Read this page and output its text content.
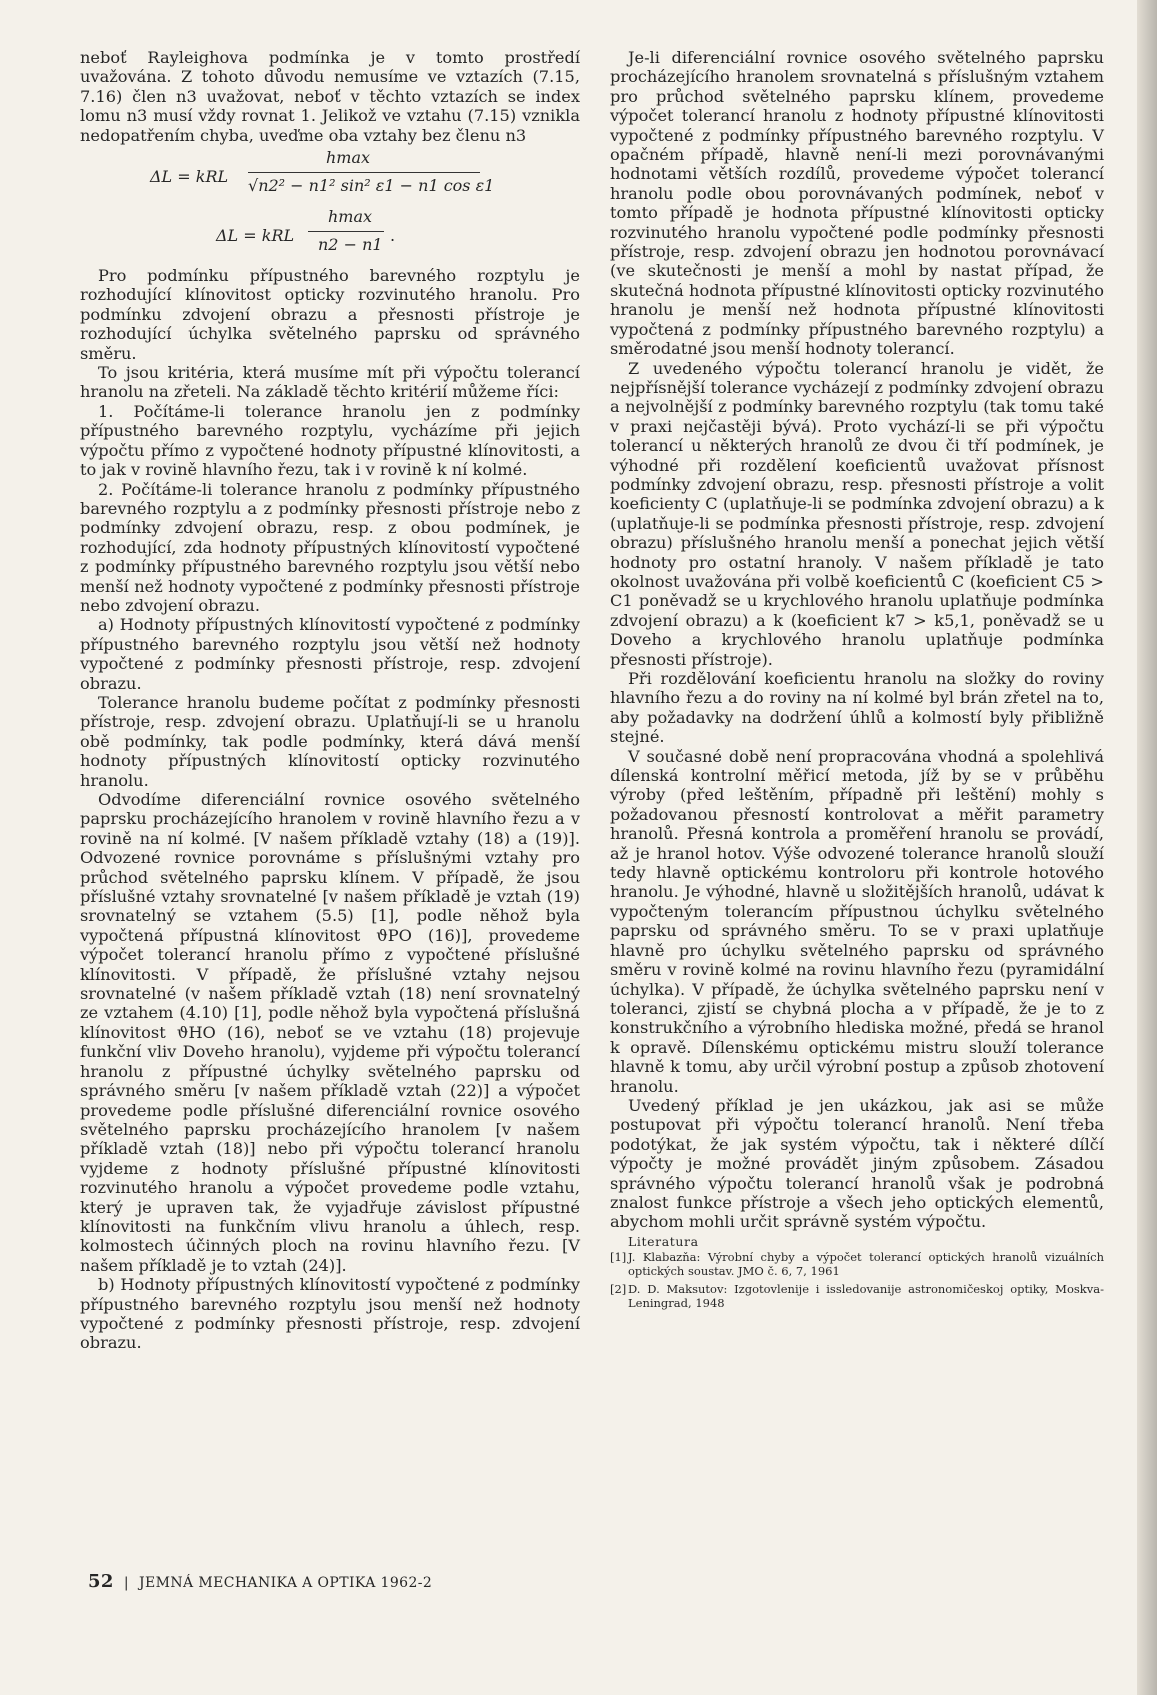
neboť Rayleighova podmínka je v tomto prostředí uvažována. Z tohoto důvodu nemusíme ve vztazích (7.15, 7.16) člen n3 uvažovat, neboť v těchto vztazích se index lomu n3 musí vždy rovnat 1. Jelikož ve vztahu (7.15) vznikla nedopatřením chyba, uveďme oba vztahy bez členu n3

ΔL = kRL
hmax
√n2² − n1² sin² ε1 − n1 cos ε1
ΔL = kRL
hmax
n2 − n1 .

Pro podmínku přípustného barevného rozptylu je rozhodující klínovitost opticky rozvinutého hranolu. Pro podmínku zdvojení obrazu a přesnosti přístroje je rozhodující úchylka světelného paprsku od správného směru.

To jsou kritéria, která musíme mít při výpočtu tolerancí hranolu na zřeteli. Na základě těchto kritérií můžeme říci:

1. Počítáme-li tolerance hranolu jen z podmínky přípustného barevného rozptylu, vycházíme při jejich výpočtu přímo z vypočtené hodnoty přípustné klínovitosti, a to jak v rovině hlavního řezu, tak i v rovině k ní kolmé.

2. Počítáme-li tolerance hranolu z podmínky přípustného barevného rozptylu a z podmínky přesnosti přístroje nebo z podmínky zdvojení obrazu, resp. z obou podmínek, je rozhodující, zda hodnoty přípustných klínovitostí vypočtené z podmínky přípustného barevného rozptylu jsou větší nebo menší než hodnoty vypočtené z podmínky přesnosti přístroje nebo zdvojení obrazu.

a) Hodnoty přípustných klínovitostí vypočtené z podmínky přípustného barevného rozptylu jsou větší než hodnoty vypočtené z podmínky přesnosti přístroje, resp. zdvojení obrazu.

Tolerance hranolu budeme počítat z podmínky přesnosti přístroje, resp. zdvojení obrazu. Uplatňují-li se u hranolu obě podmínky, tak podle podmínky, která dává menší hodnoty přípustných klínovitostí opticky rozvinutého hranolu.

Odvodíme diferenciální rovnice osového světelného paprsku procházejícího hranolem v rovině hlavního řezu a v rovině na ní kolmé. [V našem příkladě vztahy (18) a (19)]. Odvozené rovnice porovnáme s příslušnými vztahy pro průchod světelného paprsku klínem. V případě, že jsou příslušné vztahy srovnatelné [v našem příkladě je vztah (19) srovnatelný se vztahem (5.5) [1], podle něhož byla vypočtená přípustná klínovitost ϑPO (16)], provedeme výpočet tolerancí hranolu přímo z vypočtené příslušné klínovitosti. V případě, že příslušné vztahy nejsou srovnatelné (v našem příkladě vztah (18) není srovnatelný ze vztahem (4.10) [1], podle něhož byla vypočtená příslušná klínovitost ϑHO (16), neboť se ve vztahu (18) projevuje funkční vliv Doveho hranolu), vyjdeme při výpočtu tolerancí hranolu z přípustné úchylky světelného paprsku od správného směru [v našem příkladě vztah (22)] a výpočet provedeme podle příslušné diferenciální rovnice osového světelného paprsku procházejícího hranolem [v našem příkladě vztah (18)] nebo při výpočtu tolerancí hranolu vyjdeme z hodnoty příslušné přípustné klínovitosti rozvinutého hranolu a výpočet provedeme podle vztahu, který je upraven tak, že vyjadřuje závislost přípustné klínovitosti na funkčním vlivu hranolu a úhlech, resp. kolmostech účinných ploch na rovinu hlavního řezu. [V našem příkladě je to vztah (24)].

b) Hodnoty přípustných klínovitostí vypočtené z podmínky přípustného barevného rozptylu jsou menší než hodnoty vypočtené z podmínky přesnosti přístroje, resp. zdvojení obrazu.

Je-li diferenciální rovnice osového světelného paprsku procházejícího hranolem srovnatelná s příslušným vztahem pro průchod světelného paprsku klínem, provedeme výpočet tolerancí hranolu z hodnoty přípustné klínovitosti vypočtené z podmínky přípustného barevného rozptylu. V opačném případě, hlavně není-li mezi porovnávanými hodnotami větších rozdílů, provedeme výpočet tolerancí hranolu podle obou porovnávaných podmínek, neboť v tomto případě je hodnota přípustné klínovitosti opticky rozvinutého hranolu vypočtené podle podmínky přesnosti přístroje, resp. zdvojení obrazu jen hodnotou porovnávací (ve skutečnosti je menší a mohl by nastat případ, že skutečná hodnota přípustné klínovitosti opticky rozvinutého hranolu je menší než hodnota přípustné klínovitosti vypočtená z podmínky přípustného barevného rozptylu) a směrodatné jsou menší hodnoty tolerancí.

Z uvedeného výpočtu tolerancí hranolu je vidět, že nejpřísnější tolerance vycházejí z podmínky zdvojení obrazu a nejvolnější z podmínky barevného rozptylu (tak tomu také v praxi nejčastěji bývá). Proto vychází-li se při výpočtu tolerancí u některých hranolů ze dvou či tří podmínek, je výhodné při rozdělení koeficientů uvažovat přísnost podmínky zdvojení obrazu, resp. přesnosti přístroje a volit koeficienty C (uplatňuje-li se podmínka zdvojení obrazu) a k (uplatňuje-li se podmínka přesnosti přístroje, resp. zdvojení obrazu) příslušného hranolu menší a ponechat jejich větší hodnoty pro ostatní hranoly. V našem příkladě je tato okolnost uvažována při volbě koeficientů C (koeficient C5 > C1 poněvadž se u krychlového hranolu uplatňuje podmínka zdvojení obrazu) a k (koeficient k7 > k5,1, poněvadž se u Doveho a krychlového hranolu uplatňuje podmínka přesnosti přístroje).

Při rozdělování koeficientu hranolu na složky do roviny hlavního řezu a do roviny na ní kolmé byl brán zřetel na to, aby požadavky na dodržení úhlů a kolmostí byly přibližně stejné.

V současné době není propracována vhodná a spolehlivá dílenská kontrolní měřicí metoda, jíž by se v průběhu výroby (před leštěním, případně při leštění) mohly s požadovanou přesností kontrolovat a měřit parametry hranolů. Přesná kontrola a proměření hranolu se provádí, až je hranol hotov. Výše odvozené tolerance hranolů slouží tedy hlavně optickému kontroloru při kontrole hotového hranolu. Je výhodné, hlavně u složitějších hranolů, udávat k vypočteným tolerancím přípustnou úchylku světelného paprsku od správného směru. To se v praxi uplatňuje hlavně pro úchylku světelného paprsku od správného směru v rovině kolmé na rovinu hlavního řezu (pyramidální úchylka). V případě, že úchylka světelného paprsku není v toleranci, zjistí se chybná plocha a v případě, že je to z konstrukčního a výrobního hlediska možné, předá se hranol k opravě. Dílenskému optickému mistru slouží tolerance hlavně k tomu, aby určil výrobní postup a způsob zhotovení hranolu.

Uvedený příklad je jen ukázkou, jak asi se může postupovat při výpočtu tolerancí hranolů. Není třeba podotýkat, že jak systém výpočtu, tak i některé dílčí výpočty je možné provádět jiným způsobem. Zásadou správného výpočtu tolerancí hranolů však je podrobná znalost funkce přístroje a všech jeho optických elementů, abychom mohli určit správně systém výpočtu.

Literatura

[1] J. Klabazňa: Výrobní chyby a výpočet tolerancí optických hranolů vizuálních optických soustav. JMO č. 6, 7, 1961

[2] D. D. Maksutov: Izgotovlenije i issledovanije astronomičeskoj optiky, Moskva-Leningrad, 1948

52 | JEMNÁ MECHANIKA A OPTIKA 1962-2
